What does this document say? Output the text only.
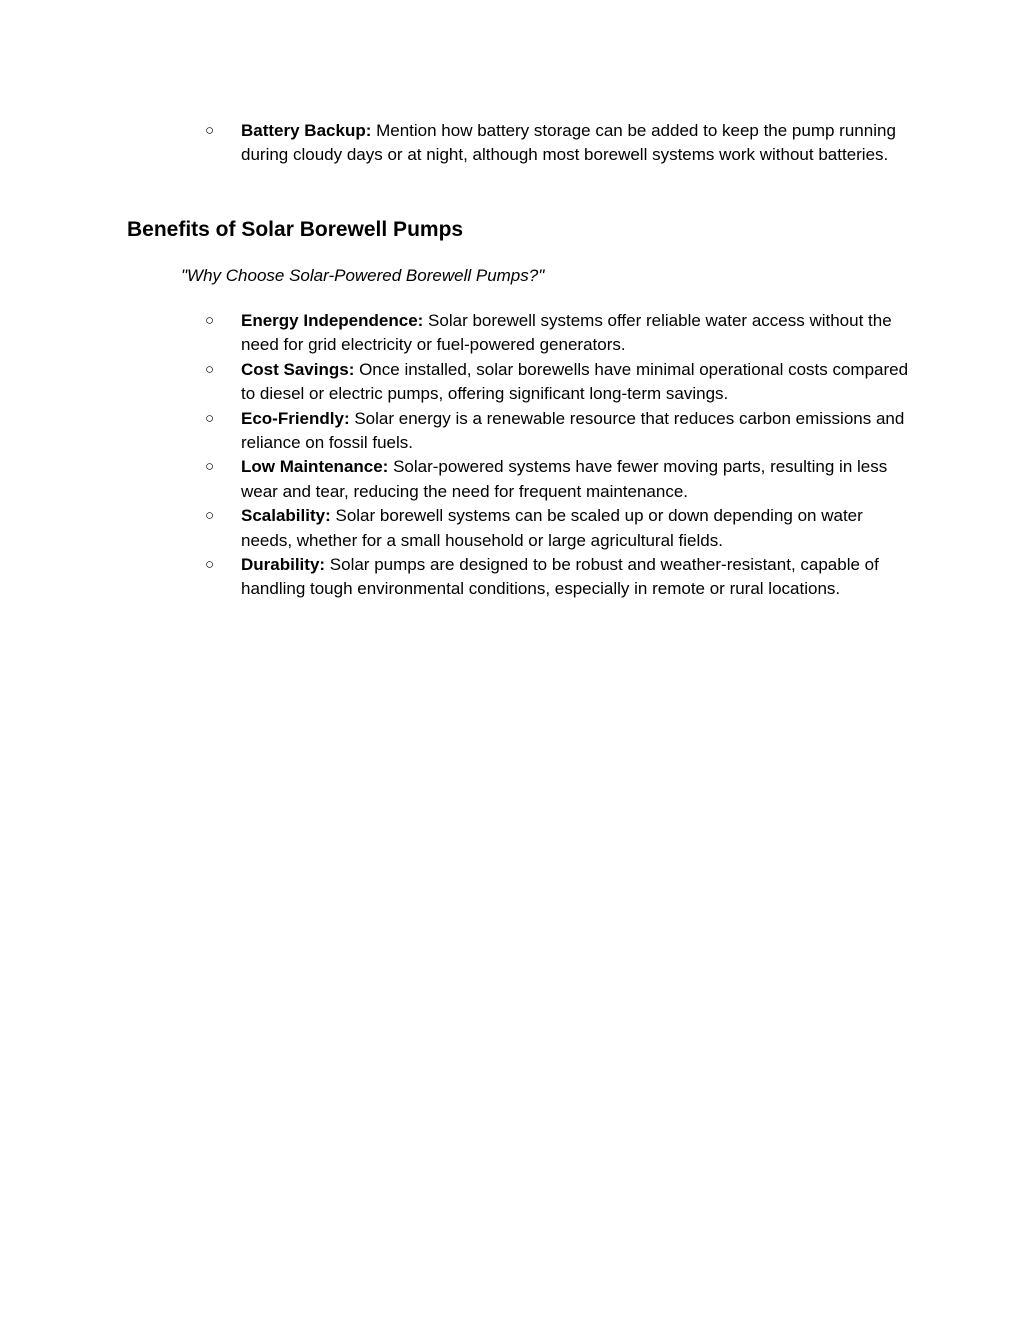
○	Battery Backup: Mention how battery storage can be added to keep the pump running during cloudy days or at night, although most borewell systems work without batteries.
Benefits of Solar Borewell Pumps

"Why Choose Solar-Powered Borewell Pumps?"

○	Energy Independence: Solar borewell systems offer reliable water access without the need for grid electricity or fuel-powered generators.
○	Cost Savings: Once installed, solar borewells have minimal operational costs compared to diesel or electric pumps, offering significant long-term savings.
○	Eco-Friendly: Solar energy is a renewable resource that reduces carbon emissions and reliance on fossil fuels.
○	Low Maintenance: Solar-powered systems have fewer moving parts, resulting in less wear and tear, reducing the need for frequent maintenance.
○	Scalability: Solar borewell systems can be scaled up or down depending on water needs, whether for a small household or large agricultural fields.
○	Durability: Solar pumps are designed to be robust and weather-resistant, capable of handling tough environmental conditions, especially in remote or rural locations.
